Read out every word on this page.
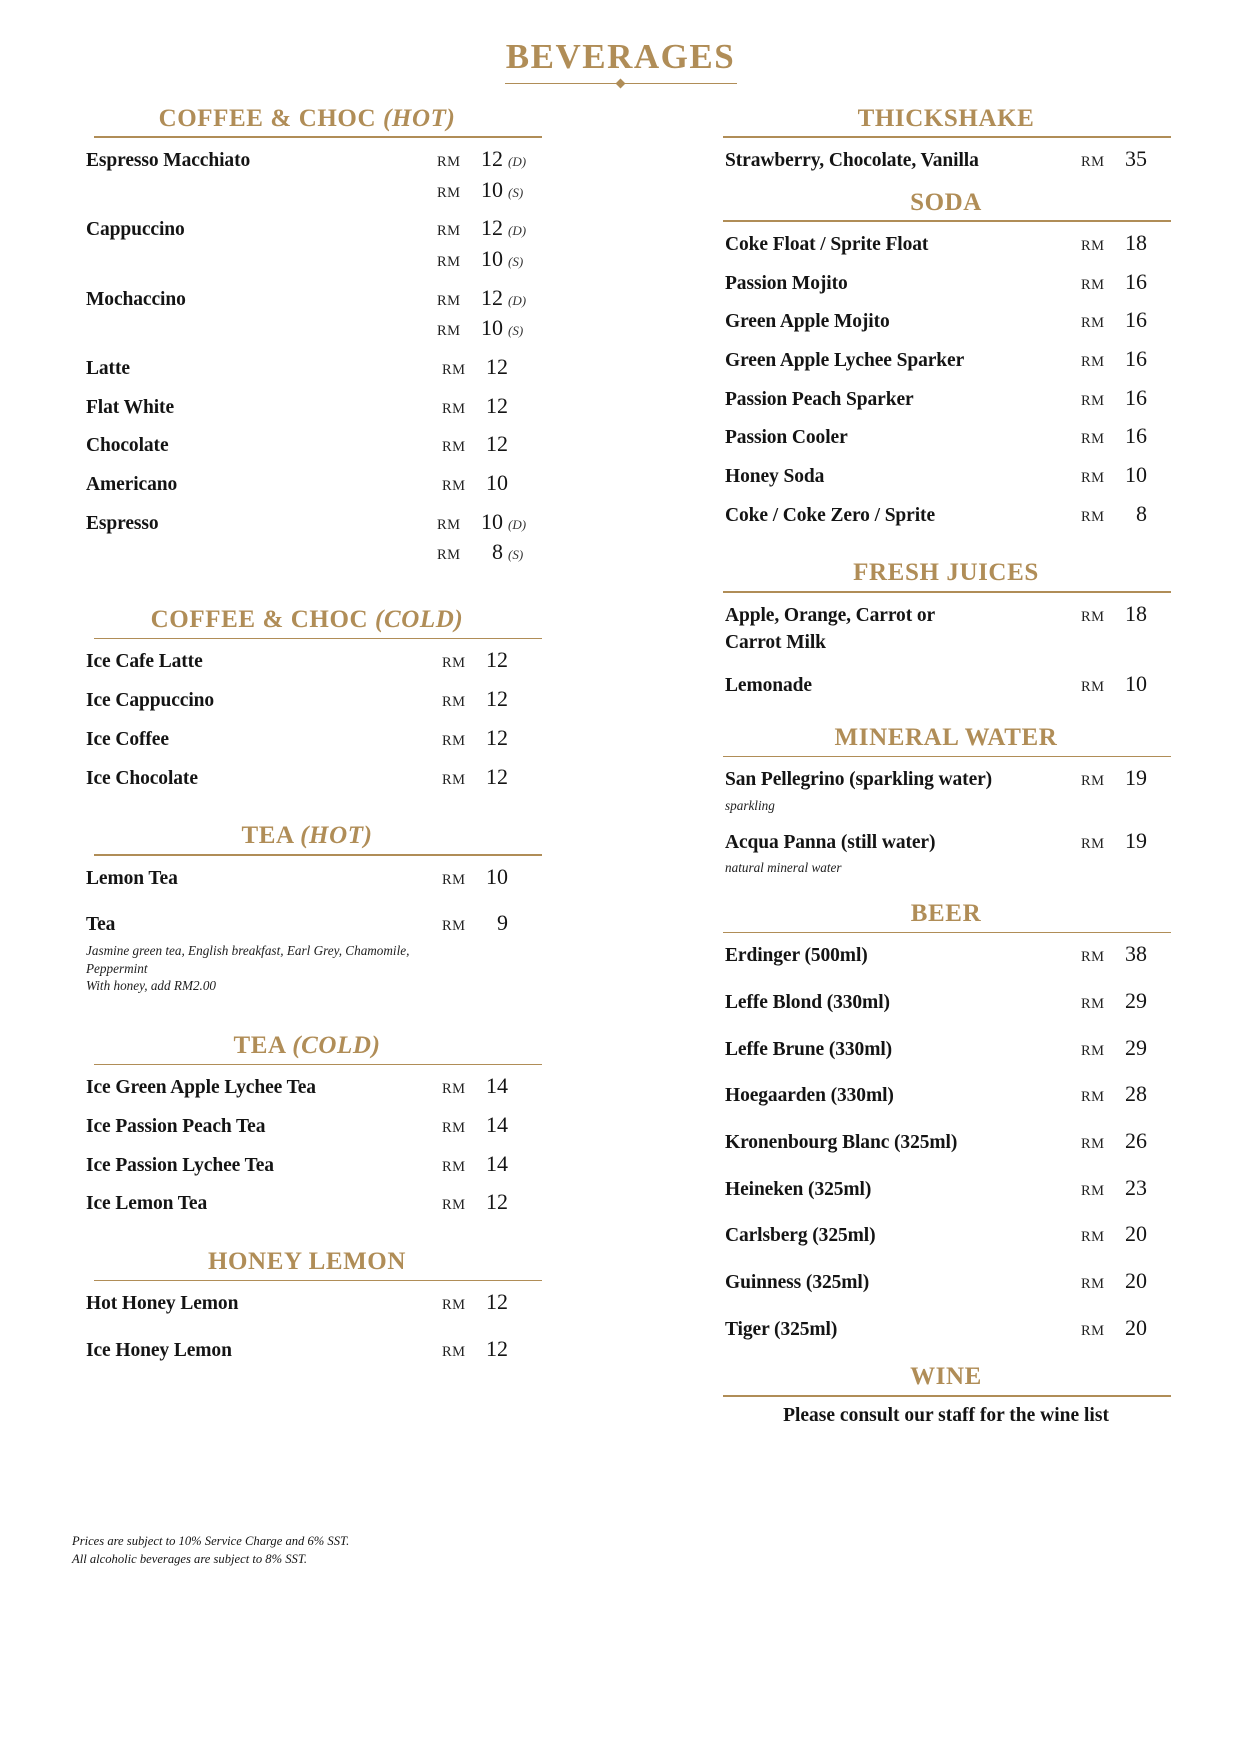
BEVERAGES
COFFEE & CHOC (HOT)
Espresso Macchiato	RM 12 (D)
RM 10 (S)
Cappuccino	RM 12 (D)
RM 10 (S)
Mochaccino	RM 12 (D)
RM 10 (S)
Latte	RM 12
Flat White	RM 12
Chocolate	RM 12
Americano	RM 10
Espresso	RM 10 (D)
RM	8 (S)
COFFEE & CHOC (COLD)
Ice Cafe Latte	RM 12
Ice Cappuccino	RM 12
Ice Coffee	RM 12
Ice Chocolate	RM 12
TEA (HOT)
Lemon Tea	RM 10
Tea	RM	9
Jasmine green tea, English breakfast, Earl Grey, Chamomile,
Peppermint
With honey, add RM2.00
TEA (COLD)
Ice Green Apple Lychee Tea	RM 14
Ice Passion Peach Tea	RM 14
Ice Passion Lychee Tea	RM 14
Ice Lemon Tea	RM 12
HONEY LEMON
Hot Honey Lemon	RM 12
Ice Honey Lemon	RM 12
THICKSHAKE
Strawberry, Chocolate, Vanilla	RM 35
SODA
Coke Float / Sprite Float	RM 18
Passion Mojito	RM 16
Green Apple Mojito	RM 16
Green Apple Lychee Sparker	RM 16
Passion Peach Sparker	RM 16
Passion Cooler	RM 16
Honey Soda	RM 10
Coke / Coke Zero / Sprite	RM	8
FRESH JUICES
Apple, Orange, Carrot or
Carrot Milk
RM 18
Lemonade	RM 10
MINERAL WATER
San Pellegrino (sparkling water)	RM 19
sparkling
Acqua Panna (still water)	RM 19
natural mineral water
BEER
Erdinger (500ml)	RM 38
Leffe Blond (330ml)	RM 29
Leffe Brune (330ml)	RM 29
Hoegaarden (330ml)	RM 28
Kronenbourg Blanc (325ml)	RM 26
Heineken (325ml)	RM 23
Carlsberg (325ml)	RM 20
Guinness (325ml)	RM 20
Tiger (325ml)	RM 20
WINE
Please consult our staff for the wine list
Prices are subject to 10% Service Charge and 6% SST.
All alcoholic beverages are subject to 8% SST.
